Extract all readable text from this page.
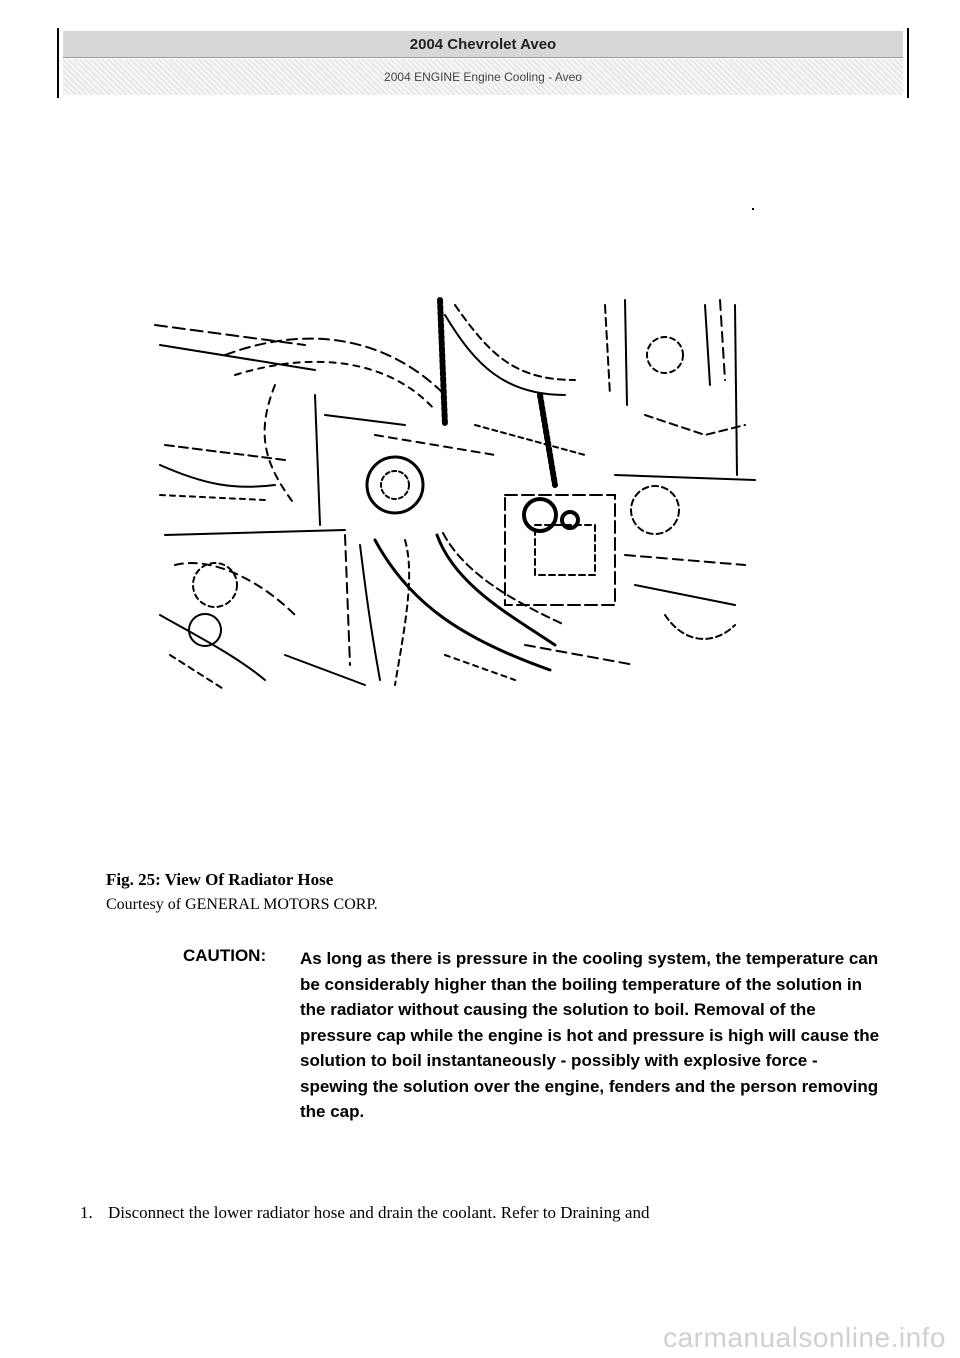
2004 Chevrolet Aveo
2004 ENGINE Engine Cooling - Aveo
Fig. 25: View Of Radiator Hose
Courtesy of GENERAL MOTORS CORP.
CAUTION: As long as there is pressure in the cooling system, the temperature can be considerably higher than the boiling temperature of the solution in the radiator without causing the solution to boil. Removal of the pressure cap while the engine is hot and pressure is high will cause the solution to boil instantaneously - possibly with explosive force - spewing the solution over the engine, fenders and the person removing the cap.
1. Disconnect the lower radiator hose and drain the coolant. Refer to Draining and
carmanualsonline.info
